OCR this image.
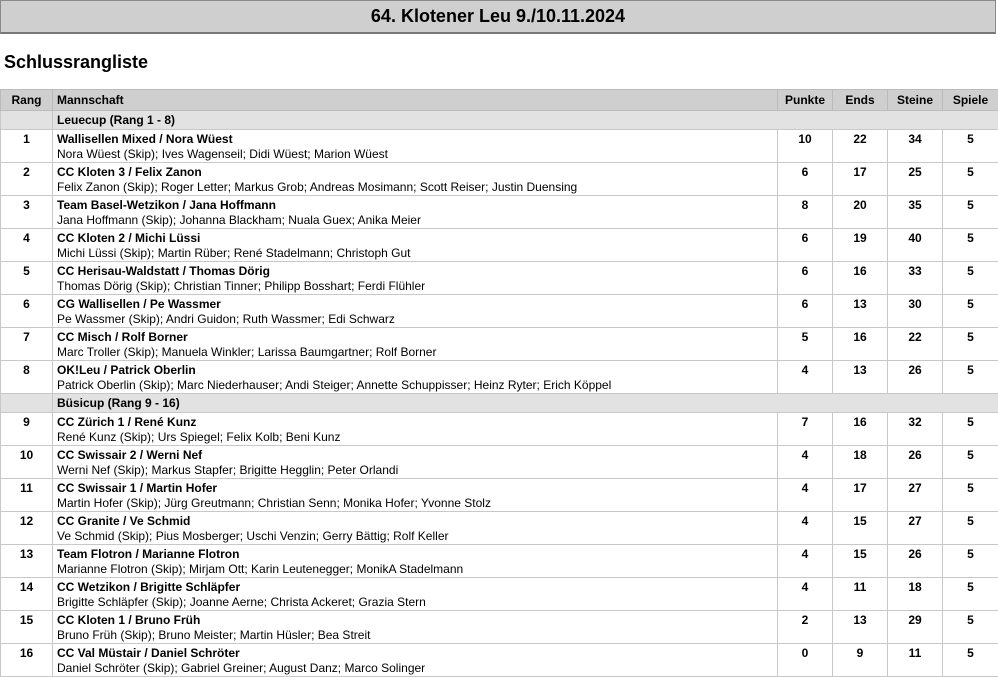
64. Klotener Leu 9./10.11.2024
Schlussrangliste
Rang	Mannschaft	Punkte	Ends	Steine	Spiele
	Leuecup (Rang 1 - 8)				
1	Wallisellen Mixed / Nora Wüest
Nora Wüest (Skip); Ives Wagenseil; Didi Wüest; Marion Wüest	10	22	34	5
2	CC Kloten 3 / Felix Zanon
Felix Zanon (Skip); Roger Letter; Markus Grob; Andreas Mosimann; Scott Reiser; Justin Duensing	6	17	25	5
3	Team Basel-Wetzikon / Jana Hoffmann
Jana Hoffmann (Skip); Johanna Blackham; Nuala Guex; Anika Meier	8	20	35	5
4	CC Kloten 2 / Michi Lüssi
Michi Lüssi (Skip); Martin Rüber; René Stadelmann; Christoph Gut	6	19	40	5
5	CC Herisau-Waldstatt / Thomas Dörig
Thomas Dörig (Skip); Christian Tinner; Philipp Bosshart; Ferdi Flühler	6	16	33	5
6	CG Wallisellen / Pe Wassmer
Pe Wassmer (Skip); Andri Guidon; Ruth Wassmer; Edi Schwarz	6	13	30	5
7	CC Misch / Rolf Borner
Marc Troller (Skip); Manuela Winkler; Larissa Baumgartner; Rolf Borner	5	16	22	5
8	OK!Leu / Patrick Oberlin
Patrick Oberlin (Skip); Marc Niederhauser; Andi Steiger; Annette Schuppisser; Heinz Ryter; Erich Köppel	4	13	26	5
	Büsicup (Rang 9 - 16)				
9	CC Zürich 1 / René Kunz
René Kunz (Skip); Urs Spiegel; Felix Kolb; Beni Kunz	7	16	32	5
10	CC Swissair 2 / Werni Nef
Werni Nef (Skip); Markus Stapfer; Brigitte Hegglin; Peter Orlandi	4	18	26	5
11	CC Swissair 1 / Martin Hofer
Martin Hofer (Skip); Jürg Greutmann; Christian Senn; Monika Hofer; Yvonne Stolz	4	17	27	5
12	CC Granite / Ve Schmid
Ve Schmid (Skip); Pius Mosberger; Uschi Venzin; Gerry Bättig; Rolf Keller	4	15	27	5
13	Team Flotron / Marianne Flotron
Marianne Flotron (Skip); Mirjam Ott; Karin Leutenegger; MonikA Stadelmann	4	15	26	5
14	CC Wetzikon / Brigitte Schläpfer
Brigitte Schläpfer (Skip); Joanne Aerne; Christa Ackeret; Grazia Stern	4	11	18	5
15	CC Kloten 1 / Bruno Früh
Bruno Früh (Skip); Bruno Meister; Martin Hüsler; Bea Streit	2	13	29	5
16	CC Val Müstair / Daniel Schröter
Daniel Schröter (Skip); Gabriel Greiner; August Danz; Marco Solinger	0	9	11	5
